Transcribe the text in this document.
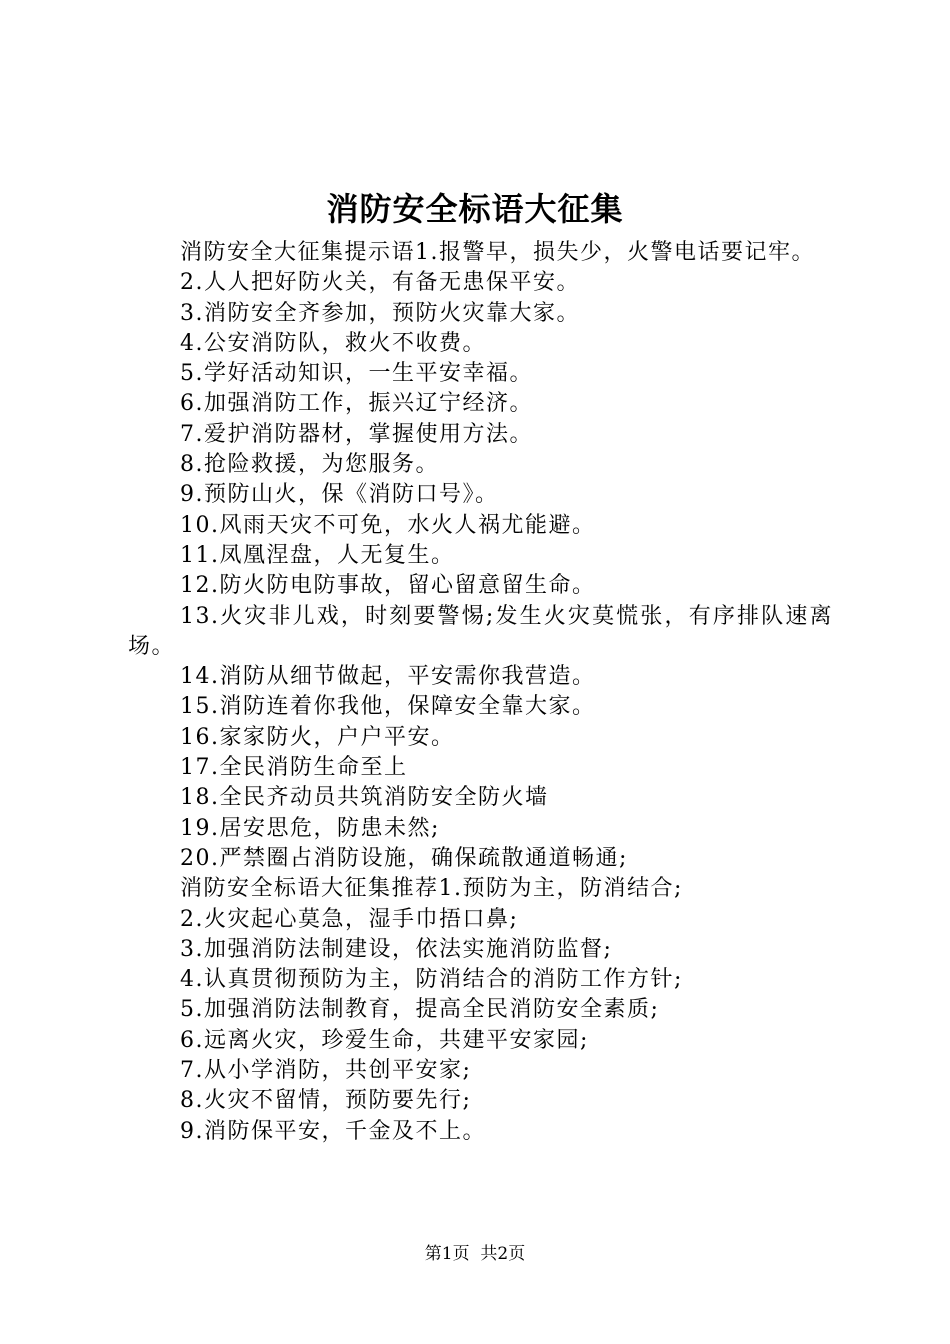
消防安全标语大征集

消防安全大征集提示语1.报警早，损失少，火警电话要记牢。

2.人人把好防火关，有备无患保平安。

3.消防安全齐参加，预防火灾靠大家。

4.公安消防队，救火不收费。

5.学好活动知识，一生平安幸福。

6.加强消防工作，振兴辽宁经济。

7.爱护消防器材，掌握使用方法。

8.抢险救援，为您服务。

9.预防山火，保《消防口号》。

10.风雨天灾不可免，水火人祸尤能避。

11.凤凰涅盘，人无复生。

12.防火防电防事故，留心留意留生命。

13.火灾非儿戏，时刻要警惕;发生火灾莫慌张，有序排队速离场。

14.消防从细节做起，平安需你我营造。

15.消防连着你我他，保障安全靠大家。

16.家家防火，户户平安。

17.全民消防生命至上

18.全民齐动员共筑消防安全防火墙

19.居安思危，防患未然;

20.严禁圈占消防设施，确保疏散通道畅通;

消防安全标语大征集推荐1.预防为主，防消结合;

2.火灾起心莫急，湿手巾捂口鼻;

3.加强消防法制建设，依法实施消防监督;

4.认真贯彻预防为主，防消结合的消防工作方针;

5.加强消防法制教育，提高全民消防安全素质;

6.远离火灾，珍爱生命，共建平安家园;

7.从小学消防，共创平安家;

8.火灾不留情，预防要先行;

9.消防保平安，千金及不上。

第1页  共2页
